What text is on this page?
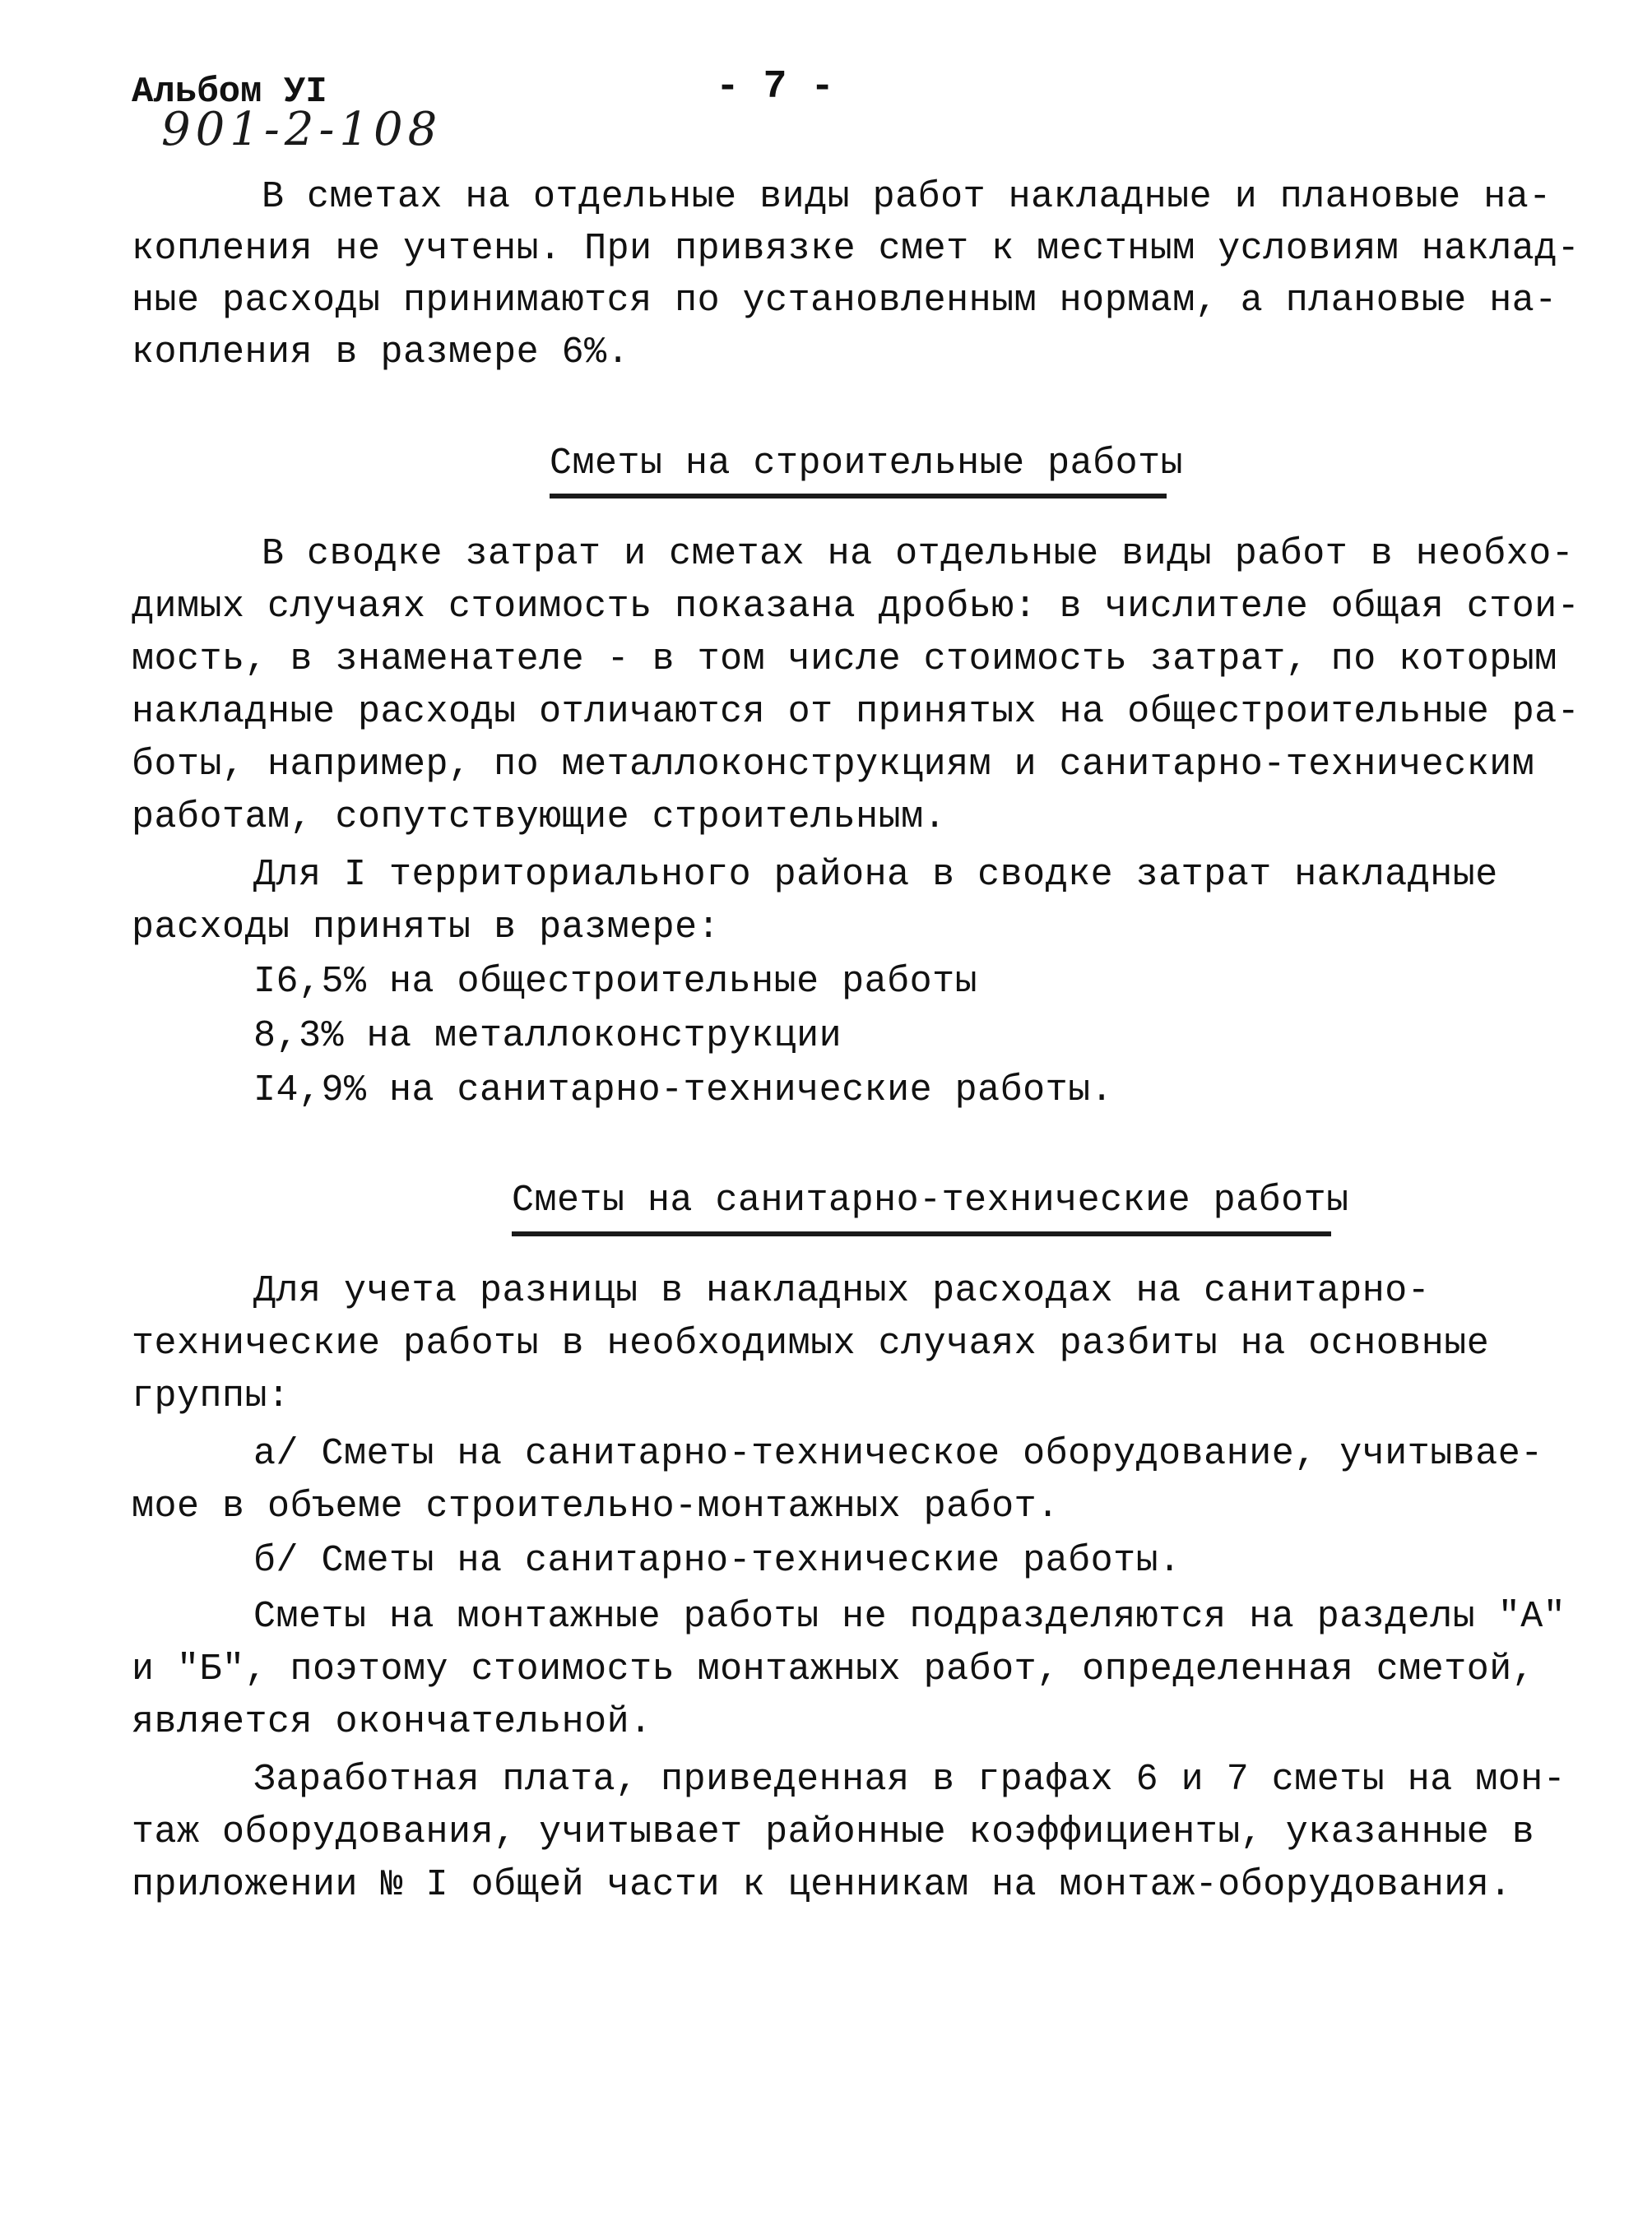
Альбом УI
901-2-108
- 7 -
В сметах на отдельные виды работ накладные и плановые на-
копления не учтены. При привязке смет к местным условиям наклад-
ные расходы принимаются по установленным нормам, а плановые на-
копления в размере 6%.
Сметы на строительные работы
В сводке затрат и сметах на отдельные виды работ в необхо-
димых случаях стоимость показана дробью: в числителе общая стои-
мость, в знаменателе - в том числе стоимость затрат, по которым
накладные расходы отличаются от принятых на общестроительные ра-
боты, например, по металлоконструкциям и санитарно-техническим
работам, сопутствующие строительным.
Для I территориального района в сводке затрат накладные
расходы приняты в размере:
I6,5% на общестроительные работы
8,3% на металлоконструкции
I4,9% на санитарно-технические работы.
Сметы на санитарно-технические работы
Для учета разницы в накладных расходах на санитарно-
технические работы в необходимых случаях разбиты на основные
группы:
а/ Сметы на санитарно-техническое оборудование, учитывае-
мое в объеме строительно-монтажных работ.
б/ Сметы на санитарно-технические работы.
Сметы на монтажные работы не подразделяются на разделы "А"
и "Б", поэтому стоимость монтажных работ, определенная сметой,
является окончательной.
Заработная плата, приведенная в графах 6 и 7 сметы на мон-
таж оборудования, учитывает районные коэффициенты, указанные в
приложении № I общей части к ценникам на монтаж-оборудования.
